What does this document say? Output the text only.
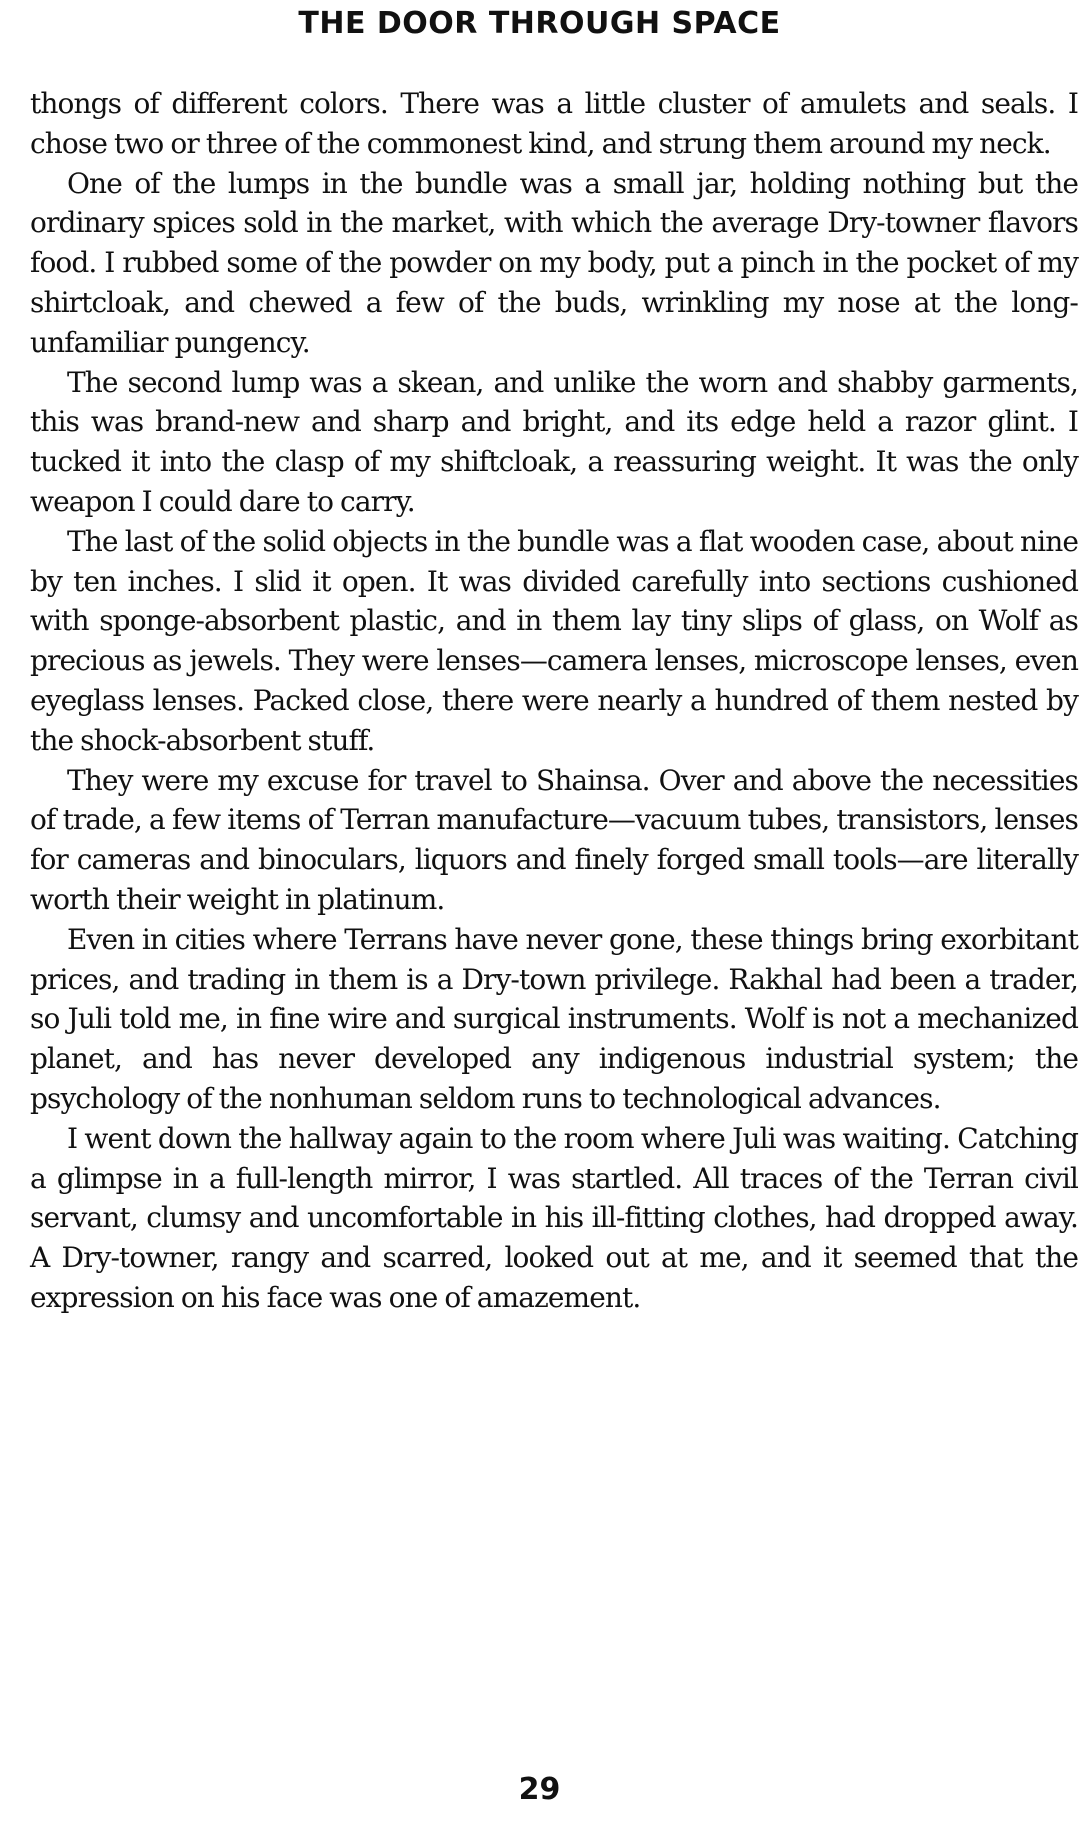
THE DOOR THROUGH SPACE

thongs of different colors. There was a little cluster of amulets and seals. I chose two or three of the commonest kind, and strung them around my neck.

One of the lumps in the bundle was a small jar, holding nothing but the ordinary spices sold in the market, with which the average Dry-towner flavors food. I rubbed some of the powder on my body, put a pinch in the pocket of my shirtcloak, and chewed a few of the buds, wrinkling my nose at the long-unfamiliar pungency.

The second lump was a skean, and unlike the worn and shabby garments, this was brand-new and sharp and bright, and its edge held a razor glint. I tucked it into the clasp of my shiftcloak, a reassuring weight. It was the only weapon I could dare to carry.

The last of the solid objects in the bundle was a flat wooden case, about nine by ten inches. I slid it open. It was divided carefully into sections cushioned with sponge-absorbent plastic, and in them lay tiny slips of glass, on Wolf as precious as jewels. They were lenses—camera lenses, microscope lenses, even eyeglass lenses. Packed close, there were nearly a hundred of them nested by the shock-absorbent stuff.

They were my excuse for travel to Shainsa. Over and above the necessities of trade, a few items of Terran manufacture—vacuum tubes, transistors, lenses for cameras and binoculars, liquors and finely forged small tools—are literally worth their weight in platinum.

Even in cities where Terrans have never gone, these things bring exorbitant prices, and trading in them is a Dry-town privilege. Rakhal had been a trader, so Juli told me, in fine wire and surgical instruments. Wolf is not a mechanized planet, and has never developed any indigenous industrial system; the psychology of the nonhuman seldom runs to technological advances.

I went down the hallway again to the room where Juli was waiting. Catching a glimpse in a full-length mirror, I was startled. All traces of the Terran civil servant, clumsy and uncomfortable in his ill-fitting clothes, had dropped away. A Dry-towner, rangy and scarred, looked out at me, and it seemed that the expression on his face was one of amazement.

29
